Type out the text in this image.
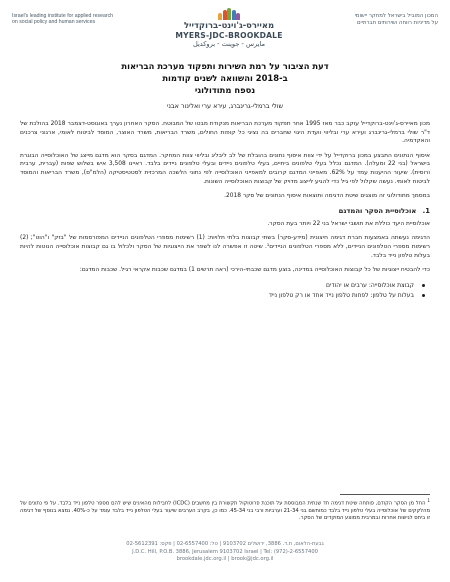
Israel's leading institute for applied research
on social policy and human services	מאיירס-ג'וינט-ברוקדייל
MYERS-JDC-BROOKDALE
مايرس - جوينت - بروكديل
המכון המוביל בישראל למחקר יישומי
על מדיניות רווחה ושירותים חברתיים
דעת הציבור על רמת השירות ותפקוד מערכת הבריאות
ב-2018 והשוואה לשנים קודמות
נספח מתודולוגי
שולי ברמלי-גרינברג, עירא ערי ואלינור אבני

מכון מאיירס-ג'וינט-ברוקדייל עוקב כבר מאז 1995 אחר תפקוד מערכת הבריאות מנקודת מבטו של המבוטח. הסקר האחרון נערך באוגוסט-דצמבר 2018 בהולכת של ד"ר שולי ברמלי-גרינברג ועירא ערי ובליווי וועדת היגוי שחברים בה נציגי כל קופות החולים, משרד הבריאות, משרד האוצר, המוסד לביטוח לאומי, ארגוני צרכנים והאקדמיה.

איסוף הנתונים התבצע במכון ברוקדייל על ידי צוות איסוף נתונים בהובלת של לב ליבליג ובליווי צוות המחקר. המדגם בסקר הוא מדגם מייצג של האוכלוסייה הבוגרת בישראל (בני 22 ומעלה). המדגם נכלל בעלי טלפונים ביתיים, בעלי טלפונים ניידים ובעלי טלפונים ניידים בלבד. ראיינו 3,508 איש בשלוש שפות (עברית, ערבית ורוסית). שיעור ההיענות עמד על 62%. מאפייני המדגם קרובים למאפייני האוכלוסייה לפי נתוני הלשכה המרכזית לסטטיסטיקה (הלמ"ס), משרד הבריאות והמוסד לביטוח לאומי. נעשה שקלול לפי גיל כדי להגיע לייצוג מדויק של קבוצות האוכלוסייה השונות.

במסמך מתודולוגי זה מוצגים שיטת הדגימה ותוצאות איסוף הנתונים של סקר 2018.

1. אוכלוסיית הסקר והמדגם

אוכלוסיית היעד כוללת את תושבי ישראל בני 22 ויותר בעת הסקר.

הדגימה נעשתה באמצעות חברת דגימה חיצונית (מידע-סקר) בשתי קבוצות בלתי תלויות: (1) רשימות מספרי הטלפונים הניידים המפורסמות של "בזק" ו"הוט"; (2) רשימות מספרי הטלפונים הניידים, ללא מספרי הטלפונים הניידים¹. שיטה זו אפשרה לנו לשפר את הייצוגיות של הסקר ולכלול בו גם קבוצות אוכלוסייה הנוטות להיות בעלות טלפון נייד בלבד.

כדי להבטיח ייצוגיות של כל קבוצות האוכלוסייה במדינה, בוצע מדגם שכבתי-הירכי (ראה תרשים 1) במדגם שכבות אקראי רגיל. שכבות המדגם:

קבוצת אוכלוסייה: ערבים או יהודים
בעלות על טלפון: לפחות טלפון נייד אחד או רק טלפון נייד
$^1$ החל מן הסקר הקודם, פותחה שיטת דגימה חד שנתית המבוססת על תוכנת פרוטוקול תקשורת בין מחשבים (ICDC) לחבילות מהאיגים שיש להם מספר טלפון נייד בלבד. על פי נתונים של מהלקקים של אוכלוסייה בעלי טלפון נייד בלבד כמוחשם בני 21-34 וערביות ורבי בני 45-34. כמו כן, בקרב הערבים שיעור בעלי הטלפון נייד בלבד עומד על כ-40%. נמצא בנוסף של דגימה זו ביחס לגישות אחרות ובמרבית ממוצע המוקדים של הסקר.
גבעת-הלאום, ת.ד. 3886, ירושלים 9103702 | טל: 02-6557400 | פקס: 02-5612391
J.D.C. Hill, P.O.B. 3886, Jerusalem 9103702 Israel | Tel: (972)-2-6557400
brookdale.jdc.org.il | brook@jdc.org.il
